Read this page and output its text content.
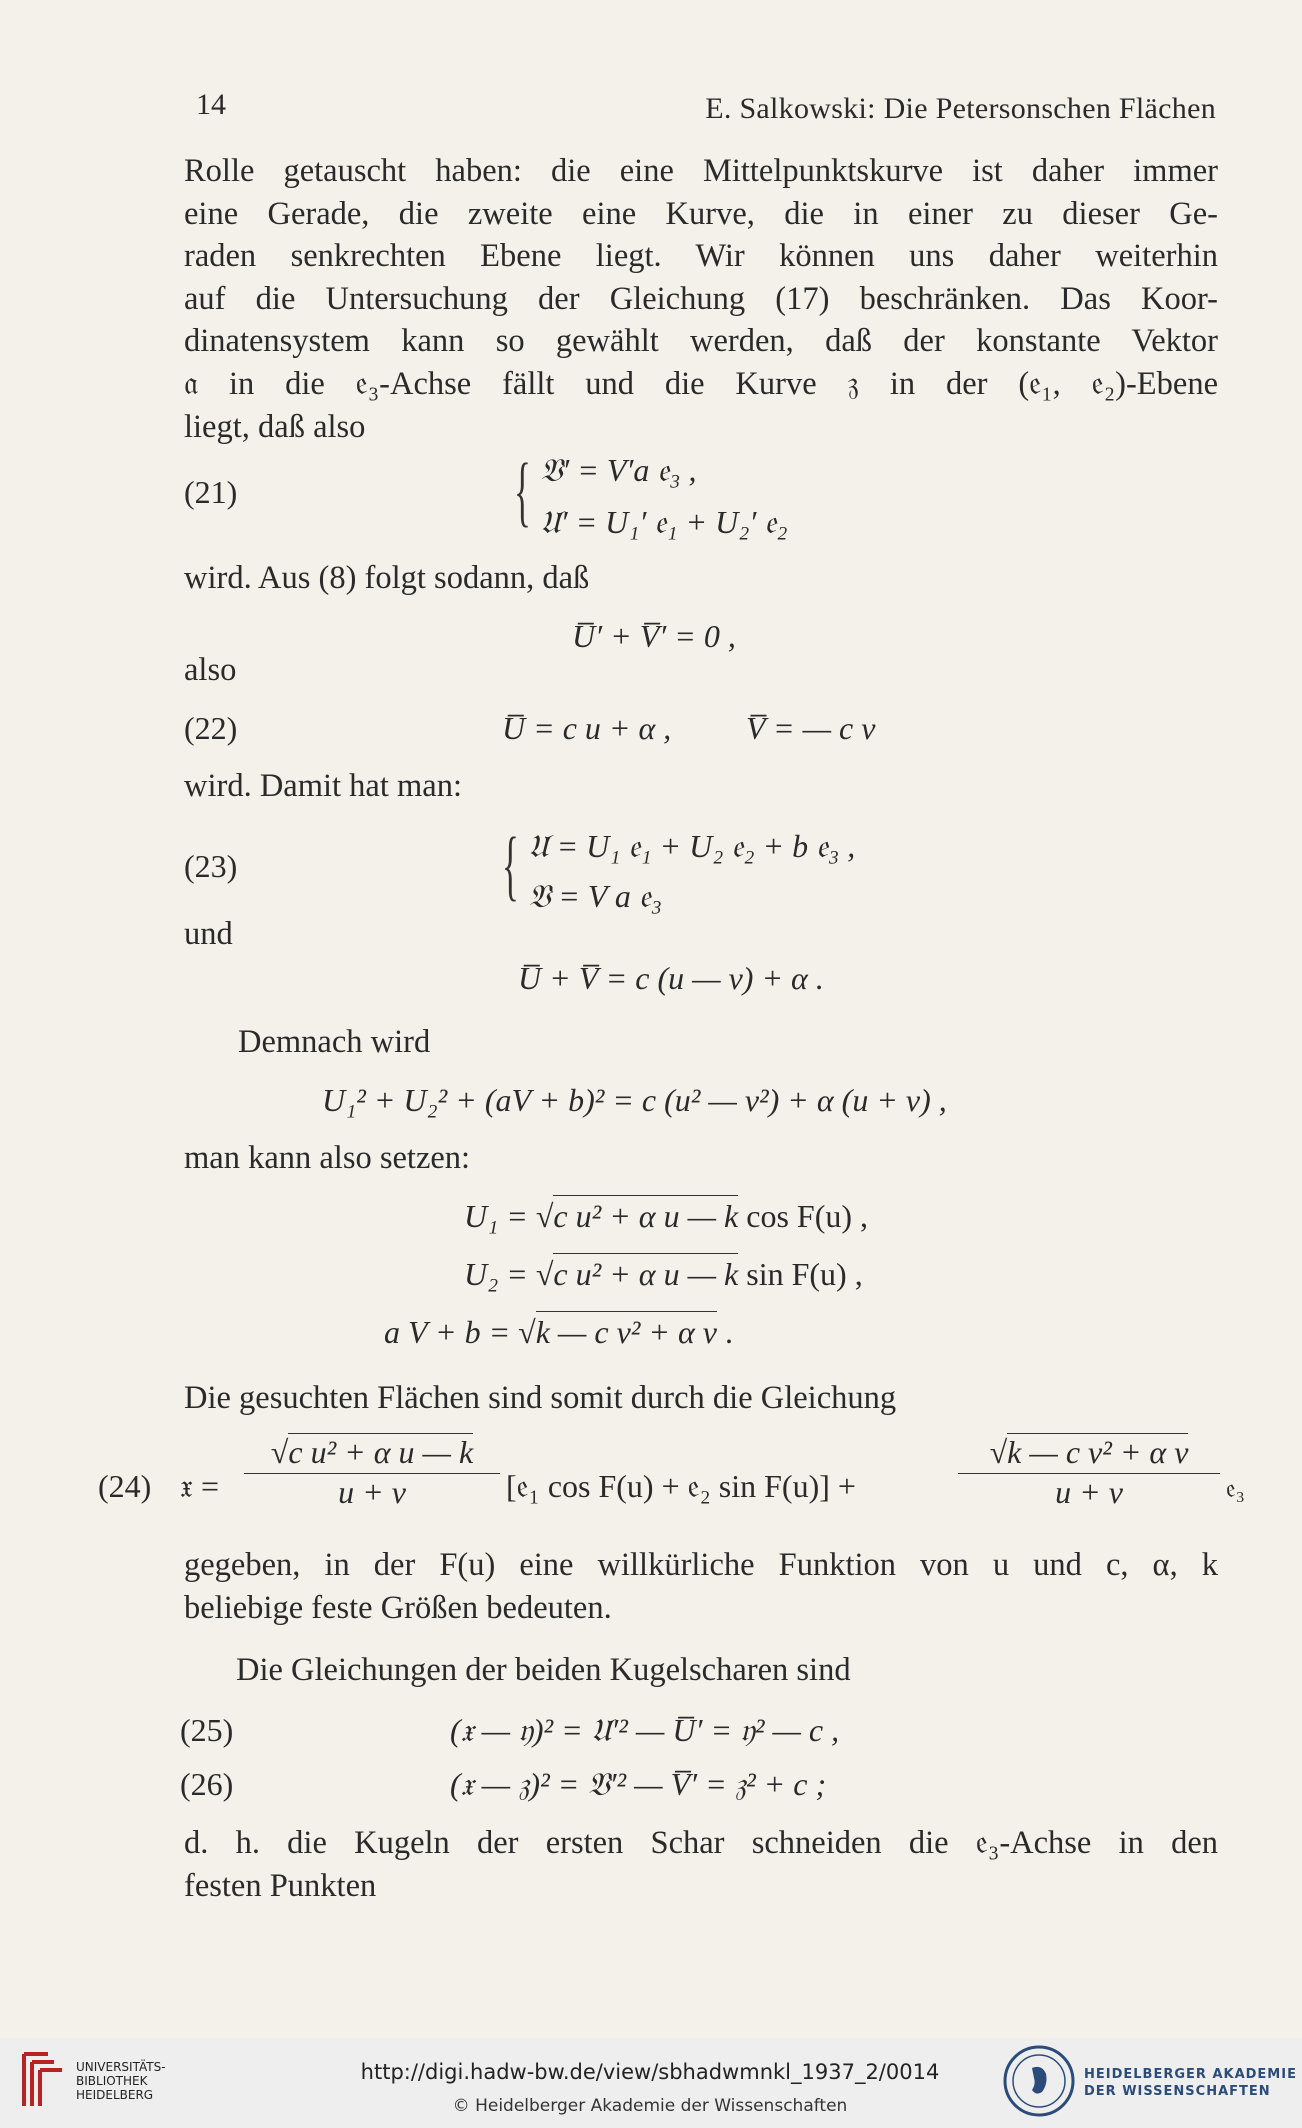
14	E. Salkowski: Die Petersonschen Flächen
Rolle getauscht haben: die eine Mittelpunktskurve ist daher immer
eine Gerade, die zweite eine Kurve, die in einer zu dieser Ge-
raden senkrechten Ebene liegt. Wir können uns daher weiterhin
auf die Untersuchung der Gleichung (17) beschränken. Das Koor-
dinatensystem kann so gewählt werden, daß der konstante Vektor
𝔞 in die 𝔢₃-Achse fällt und die Kurve 𝔷 in der (𝔢₁, 𝔢₂)-Ebene
liegt, daß also
(21)	{ 𝔙′ = V′a 𝔢₃ ,
𝔘′ = U₁′ 𝔢₁ + U₂′ 𝔢₂
wird. Aus (8) folgt sodann, daß
U̅′ + V̅′ = 0 ,
also
(22)	U̅ = c u + α , V̅ = — c v
wird. Damit hat man:
(23)	{ 𝔘 = U₁ 𝔢₁ + U₂ 𝔢₂ + b 𝔢₃ ,
𝔙 = V a 𝔢₃
und
U̅ + V̅ = c (u — v) + α .
Demnach wird
U₁² + U₂² + (aV + b)² = c (u² — v²) + α (u + v) ,
man kann also setzen:
U₁ = √c u² + α u — k cos F(u) ,
U₂ = √c u² + α u — k sin F(u) ,
a V + b = √k — c v² + α v .
Die gesuchten Flächen sind somit durch die Gleichung
(24) 𝔵 = $\frac{\text{√c u² + α u — k}}{u + v}$ [𝔢₁ cos F(u) + 𝔢₂ sin F(u)] +	$\frac{\text{√k — c v² + α v}}{u + v}$ 𝔢₃
gegeben, in der F(u) eine willkürliche Funktion von u und c, α, k
beliebige feste Größen bedeuten.
Die Gleichungen der beiden Kugelscharen sind
(25)	(𝔵 — 𝔶)² = 𝔘′² — U̅′ = 𝔶² — c ,
(26)	(𝔵 — 𝔷)² = 𝔙′² — V̅′ = 𝔷² + c ;
d. h. die Kugeln der ersten Schar schneiden die 𝔢₃-Achse in den
festen Punkten
UNIVERSITÄTS-
BIBLIOTHEK
HEIDELBERG
http://digi.hadw-bw.de/view/sbhadwmnkl_1937_2/0014
© Heidelberger Akademie der Wissenschaften
HEIDELBERGER AKADEMIE
DER WISSENSCHAFTEN
